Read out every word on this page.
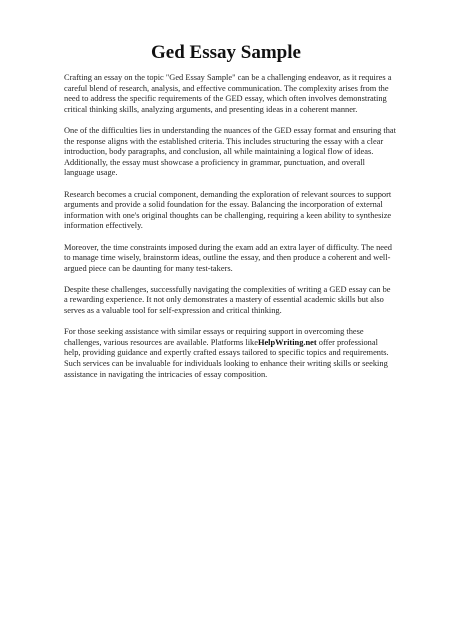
Ged Essay Sample

Crafting an essay on the topic "Ged Essay Sample" can be a challenging endeavor, as it requires a careful blend of research, analysis, and effective communication. The complexity arises from the need to address the specific requirements of the GED essay, which often involves demonstrating critical thinking skills, analyzing arguments, and presenting ideas in a coherent manner.

One of the difficulties lies in understanding the nuances of the GED essay format and ensuring that the response aligns with the established criteria. This includes structuring the essay with a clear introduction, body paragraphs, and conclusion, all while maintaining a logical flow of ideas. Additionally, the essay must showcase a proficiency in grammar, punctuation, and overall language usage.

Research becomes a crucial component, demanding the exploration of relevant sources to support arguments and provide a solid foundation for the essay. Balancing the incorporation of external information with one's original thoughts can be challenging, requiring a keen ability to synthesize information effectively.

Moreover, the time constraints imposed during the exam add an extra layer of difficulty. The need to manage time wisely, brainstorm ideas, outline the essay, and then produce a coherent and well-argued piece can be daunting for many test-takers.

Despite these challenges, successfully navigating the complexities of writing a GED essay can be a rewarding experience. It not only demonstrates a mastery of essential academic skills but also serves as a valuable tool for self-expression and critical thinking.

For those seeking assistance with similar essays or requiring support in overcoming these challenges, various resources are available. Platforms likeHelpWriting.net offer professional help, providing guidance and expertly crafted essays tailored to specific topics and requirements. Such services can be invaluable for individuals looking to enhance their writing skills or seeking assistance in navigating the intricacies of essay composition.
